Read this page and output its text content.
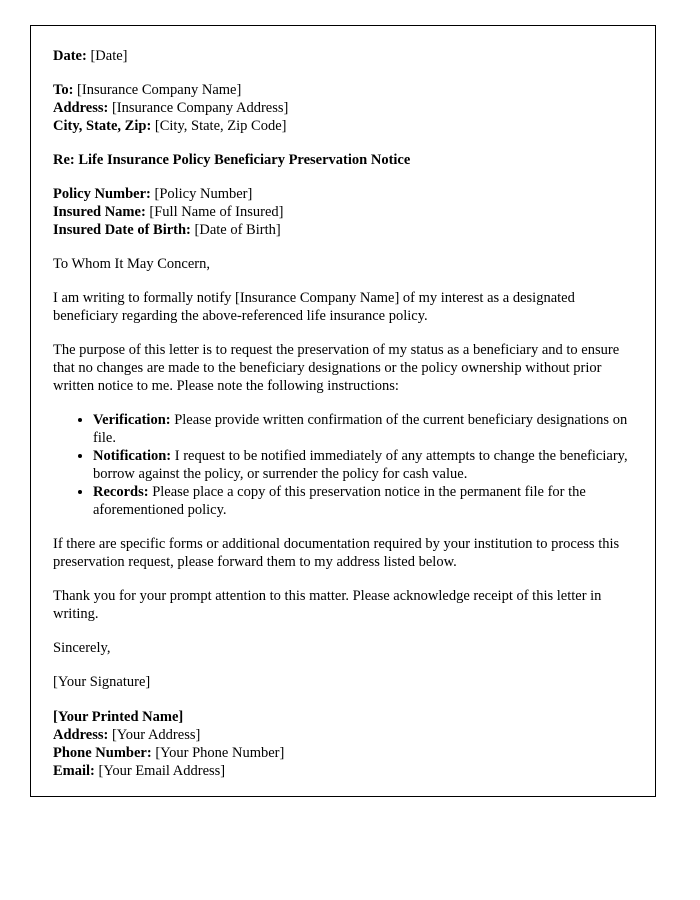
Date: [Date]
To: [Insurance Company Name]
Address: [Insurance Company Address]
City, State, Zip: [City, State, Zip Code]
Re: Life Insurance Policy Beneficiary Preservation Notice
Policy Number: [Policy Number]
Insured Name: [Full Name of Insured]
Insured Date of Birth: [Date of Birth]
To Whom It May Concern,
I am writing to formally notify [Insurance Company Name] of my interest as a designated beneficiary regarding the above-referenced life insurance policy.
The purpose of this letter is to request the preservation of my status as a beneficiary and to ensure that no changes are made to the beneficiary designations or the policy ownership without prior written notice to me. Please note the following instructions:
• Verification: Please provide written confirmation of the current beneficiary designations on file.
• Notification: I request to be notified immediately of any attempts to change the beneficiary, borrow against the policy, or surrender the policy for cash value.
• Records: Please place a copy of this preservation notice in the permanent file for the aforementioned policy.
If there are specific forms or additional documentation required by your institution to process this preservation request, please forward them to my address listed below.
Thank you for your prompt attention to this matter. Please acknowledge receipt of this letter in writing.
Sincerely,
[Your Signature]
[Your Printed Name]
Address: [Your Address]
Phone Number: [Your Phone Number]
Email: [Your Email Address]
